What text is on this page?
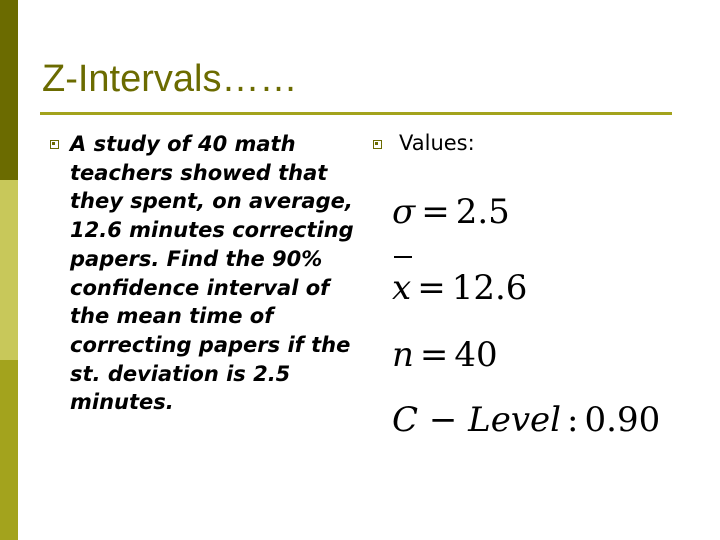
Z-Intervals……
A study of 40 math teachers showed that they spent, on average, 12.6 minutes correcting papers. Find the 90% confidence interval of the mean time of correcting papers if the st. deviation is 2.5 minutes.
Values:
σ = 2.5
x = 12.6
n = 40
C − Level : 0.90
